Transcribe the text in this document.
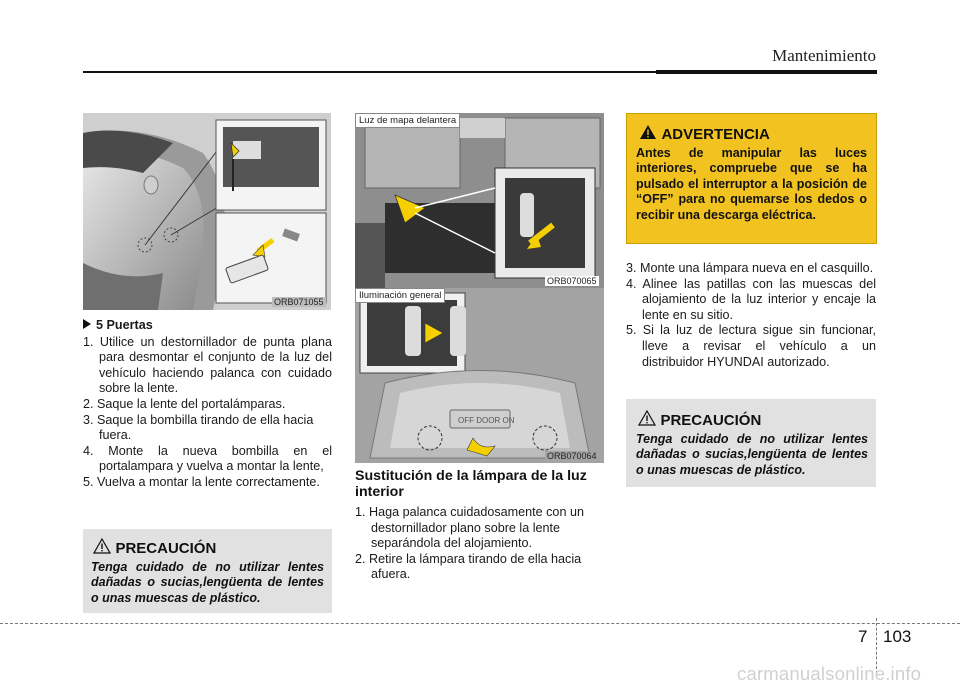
Mantenimiento
ORB071055

5 Puertas

1. Utilice un destornillador de punta plana para desmontar el conjunto de la luz del vehículo haciendo palanca con cuidado sobre la lente.

2. Saque la lente del portalámparas.

3. Saque la bombilla tirando de ella hacia fuera.

4. Monte la nueva bombilla en el portalampara y vuelva a montar la lente,

5. Vuelva a montar la lente correctamente.

PRECAUCIÓN
Tenga cuidado de no utilizar lentes dañadas o sucias,lengüenta de lentes o unas muescas de plástico.
Luz de mapa delantera
ORB070065
OFF DOOR ON
Iluminación general
ORB070064
Sustitución de la lámpara de la luz interior

1. Haga palanca cuidadosamente con un destornillador plano sobre la lente separándola del alojamiento.

2. Retire la lámpara tirando de ella hacia afuera.

ADVERTENCIA
Antes de manipular las luces interiores, compruebe que se ha pulsado el interruptor a la posición de “OFF” para no quemarse los dedos o recibir una descarga eléctrica.

3. Monte una lámpara nueva en el casquillo.

4. Alinee las patillas con las muescas del alojamiento de la luz interior y encaje la lente en su sitio.

5. Si la luz de lectura sigue sin funcionar, lleve a revisar el vehículo a un distribuidor HYUNDAI autorizado.

PRECAUCIÓN
Tenga cuidado de no utilizar lentes dañadas o sucias,lengüenta de lentes o unas muescas de plástico.
7 103
carmanualsonline.info
